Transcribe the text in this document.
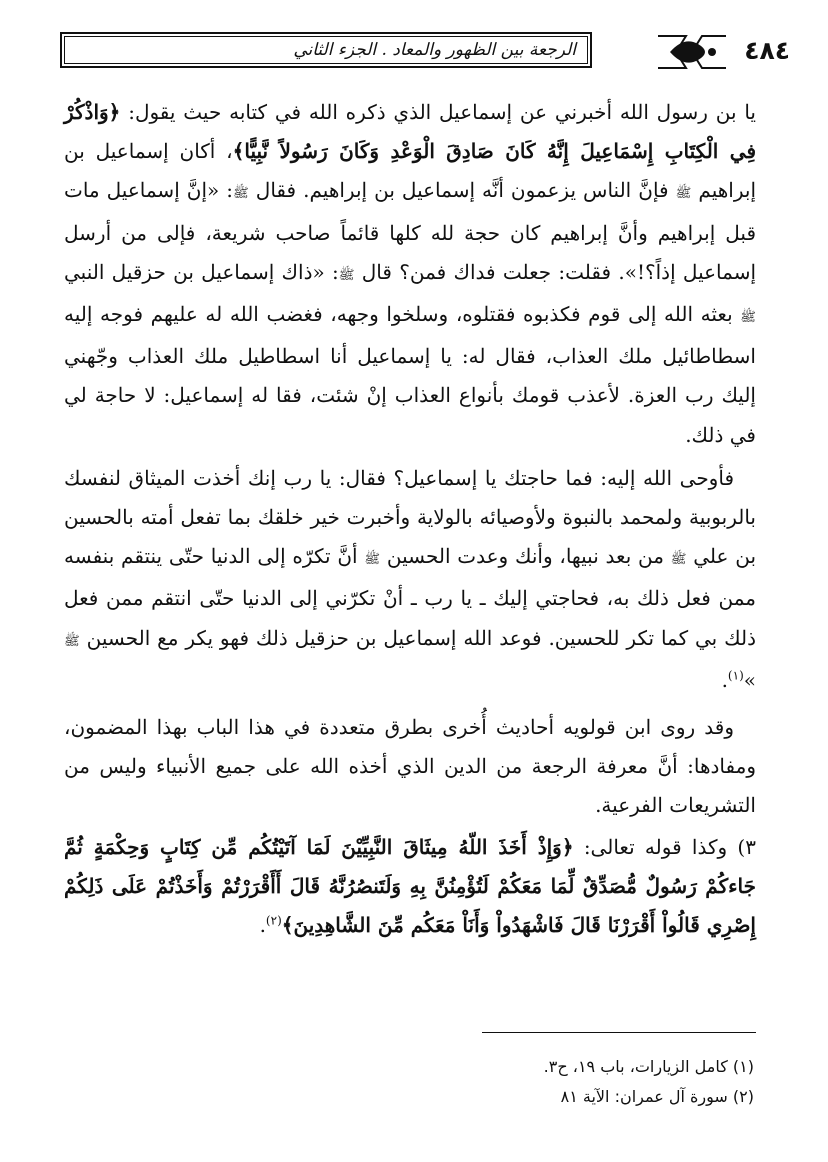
٤٨٤
الرجعة بين الظهور والمعاد . الجزء الثاني

يا بن رسول الله أخبرني عن إسماعيل الذي ذكره الله في كتابه حيث يقول: ﴿وَاذْكُرْ فِي الْكِتَابِ إِسْمَاعِيلَ إِنَّهُ كَانَ صَادِقَ الْوَعْدِ وَكَانَ رَسُولاً نَّبِيًّا﴾، أكان إسماعيل بن إبراهيم ﷺ فإنَّ الناس يزعمون أنَّه إسماعيل بن إبراهيم. فقال ﷺ: «إنَّ إسماعيل مات قبل إبراهيم وأنَّ إبراهيم كان حجة لله كلها قائماً صاحب شريعة، فإلى من أرسل إسماعيل إذاً؟!». فقلت: جعلت فداك فمن؟ قال ﷺ: «ذاك إسماعيل بن حزقيل النبي ﷺ بعثه الله إلى قوم فكذبوه فقتلوه، وسلخوا وجهه، فغضب الله له عليهم فوجه إليه اسطاطائيل ملك العذاب، فقال له: يا إسماعيل أنا اسطاطيل ملك العذاب وجّهني إليك رب العزة. لأعذب قومك بأنواع العذاب إنْ شئت، فقا له إسماعيل: لا حاجة لي في ذلك.

فأوحى الله إليه: فما حاجتك يا إسماعيل؟ فقال: يا رب إنك أخذت الميثاق لنفسك بالربوبية ولمحمد بالنبوة ولأوصيائه بالولاية وأخبرت خير خلقك بما تفعل أمته بالحسين بن علي ﷺ من بعد نبيها، وأنك وعدت الحسين ﷺ أنَّ تكرّه إلى الدنيا حتّى ينتقم بنفسه ممن فعل ذلك به، فحاجتي إليك ـ يا رب ـ أنْ تكرّني إلى الدنيا حتّى انتقم ممن فعل ذلك بي كما تكر للحسين. فوعد الله إسماعيل بن حزقيل ذلك فهو يكر مع الحسين ﷺ »$^{(١)}$.

وقد روى ابن قولويه أحاديث أُخرى بطرق متعددة في هذا الباب بهذا المضمون، ومفادها: أنَّ معرفة الرجعة من الدين الذي أخذه الله على جميع الأنبياء وليس من التشريعات الفرعية.

٣) وكذا قوله تعالى: ﴿وَإِذْ أَخَذَ اللّهُ مِيثَاقَ النَّبِيِّيْنَ لَمَا آتَيْتُكُم مِّن كِتَابٍ وَحِكْمَةٍ ثُمَّ جَاءكُمْ رَسُولٌ مُّصَدِّقٌ لِّمَا مَعَكُمْ لَتُؤْمِنُنَّ بِهِ وَلَتَنصُرُنَّهُ قَالَ أَأَقْرَرْتُمْ وَأَخَذْتُمْ عَلَى ذَلِكُمْ إِصْرِي قَالُواْ أَقْرَرْنَا قَالَ فَاشْهَدُواْ وَأَنَاْ مَعَكُم مِّنَ الشَّاهِدِينَ﴾$^{(٢)}$.

(١) كامل الزيارات، باب ١٩، ح٣.

(٢) سورة آل عمران: الآية ٨١
